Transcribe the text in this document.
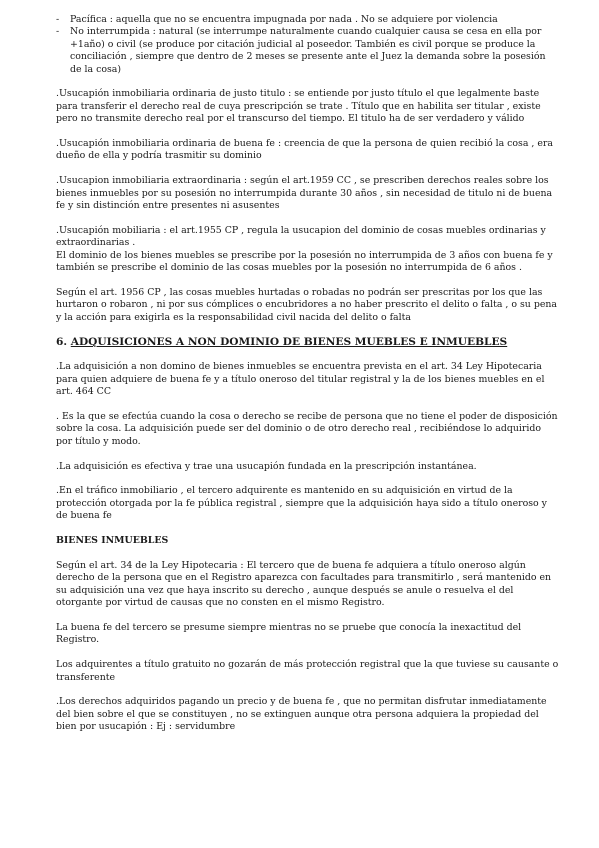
- Pacífica : aquella que no se encuentra impugnada por nada . No se adquiere por violencia
- No interrumpida : natural (se interrumpe naturalmente cuando cualquier causa se cesa en ella por +1año) o civil (se produce por citación judicial al poseedor. También es civil porque se produce la conciliación , siempre que dentro de 2 meses se presente ante el Juez la demanda sobre la posesión de la cosa)

.Usucapión inmobiliaria ordinaria de justo titulo : se entiende por justo título el que legalmente baste para transferir el derecho real de cuya prescripción se trate . Título que en habilita ser titular , existe pero no transmite derecho real por el transcurso del tiempo. El titulo ha de ser verdadero y válido

.Usucapión inmobiliaria ordinaria de buena fe : creencia de que la persona de quien recibió la cosa , era dueño de ella y podría trasmitir su dominio

.Usucapion inmobiliaria extraordinaria : según el art.1959 CC , se prescriben derechos reales sobre los bienes inmuebles por su posesión no interrumpida durante 30 años , sin necesidad de titulo ni de buena fe y sin distinción entre presentes ni asusentes

.Usucapión mobiliaria : el art.1955 CP , regula la usucapion del dominio de cosas muebles ordinarias y extraordinarias .

El dominio de los bienes muebles se prescribe por la posesión no interrumpida de 3 años con buena fe y también se prescribe el dominio de las cosas muebles por la posesión no interrumpida de 6 años .

Según el art. 1956 CP , las cosas muebles hurtadas o robadas no podrán ser prescritas por los que las hurtaron o robaron , ni por sus cómplices o encubridores a no haber prescrito el delito o falta , o su pena y la acción para exigirla es la responsabilidad civil nacida del delito o falta

6. ADQUISICIONES A NON DOMINIO DE BIENES MUEBLES E INMUEBLES

.La adquisición a non domino de bienes inmuebles se encuentra prevista en el art. 34 Ley Hipotecaria para quien adquiere de buena fe y a título oneroso del titular registral y la de los bienes muebles en el art. 464 CC

. Es la que se efectúa cuando la cosa o derecho se recibe de persona que no tiene el poder de disposición sobre la cosa. La adquisición puede ser del dominio o de otro derecho real , recibiéndose lo adquirido por título y modo.

.La adquisición es efectiva y trae una usucapión fundada en la prescripción instantánea.

.En el tráfico inmobiliario , el tercero adquirente es mantenido en su adquisición en virtud de la protección otorgada por la fe pública registral , siempre que la adquisición haya sido a título oneroso y de buena fe

BIENES INMUEBLES

Según el art. 34 de la Ley Hipotecaria : El tercero que de buena fe adquiera a título oneroso algún derecho de la persona que en el Registro aparezca con facultades para transmitirlo , será mantenido en su adquisición una vez que haya inscrito su derecho , aunque después se anule o resuelva el del otorgante por virtud de causas que no consten en el mismo Registro.

La buena fe del tercero se presume siempre mientras no se pruebe que conocía la inexactitud del Registro.

Los adquirentes a título gratuito no gozarán de más protección registral que la que tuviese su causante o transferente

.Los derechos adquiridos pagando un precio y de buena fe , que no permitan disfrutar inmediatamente del bien sobre el que se constituyen , no se extinguen aunque otra persona adquiera la propiedad del bien por usucapión : Ej : servidumbre
